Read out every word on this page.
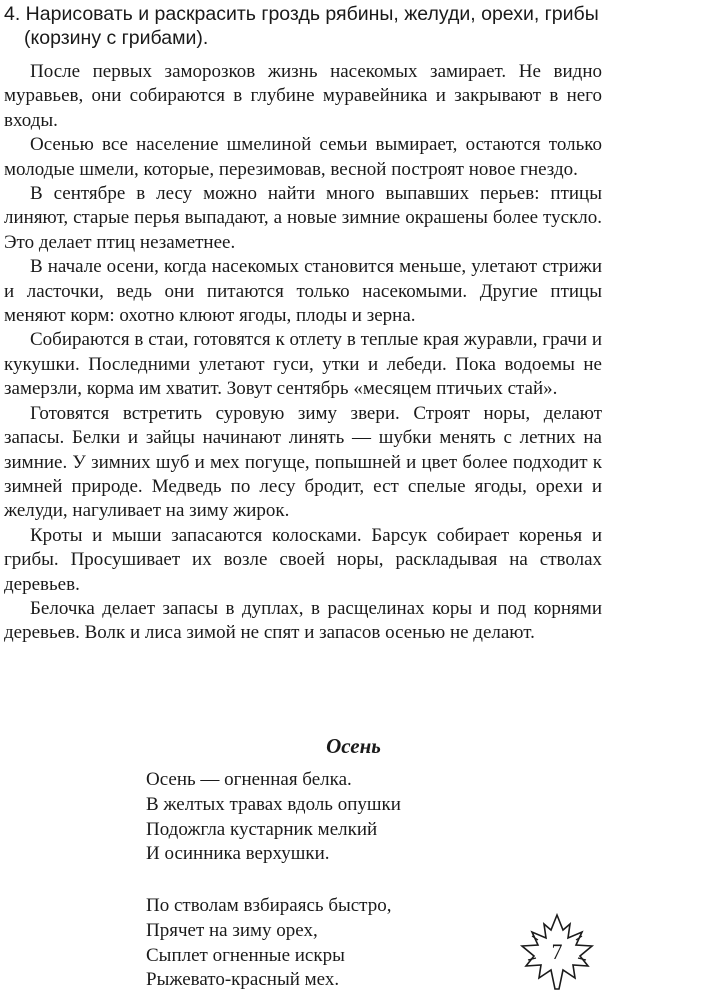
4. Нарисовать и раскрасить гроздь рябины, желуди, орехи, грибы
(корзину с грибами).

После первых заморозков жизнь насекомых замирает. Не видно муравьев, они собираются в глубине муравейника и закрывают в него входы.

Осенью все население шмелиной семьи вымирает, остаются только молодые шмели, которые, перезимовав, весной построят новое гнездо.

В сентябре в лесу можно найти много выпавших перьев: птицы линяют, старые перья выпадают, а новые зимние окрашены более тускло. Это делает птиц незаметнее.

В начале осени, когда насекомых становится меньше, улетают стрижи и ласточки, ведь они питаются только насекомыми. Другие птицы меняют корм: охотно клюют ягоды, плоды и зерна.

Собираются в стаи, готовятся к отлету в теплые края журавли, грачи и кукушки. Последними улетают гуси, утки и лебеди. Пока водоемы не замерзли, корма им хватит. Зовут сентябрь «месяцем птичьих стай».

Готовятся встретить суровую зиму звери. Строят норы, делают запасы. Белки и зайцы начинают линять — шубки менять с летних на зимние. У зимних шуб и мех погуще, попышней и цвет более подходит к зимней природе. Медведь по лесу бродит, ест спелые ягоды, орехи и желуди, нагуливает на зиму жирок.

Кроты и мыши запасаются колосками. Барсук собирает коренья и грибы. Просушивает их возле своей норы, раскладывая на стволах деревьев.

Белочка делает запасы в дуплах, в расщелинах коры и под корнями деревьев. Волк и лиса зимой не спят и запасов осенью не делают.

Осень
Осень — огненная белка.
В желтых травах вдоль опушки
Подожгла кустарник мелкий
И осинника верхушки.
По стволам взбираясь быстро,
Прячет на зиму орех,
Сыплет огненные искры
Рыжевато-красный мех.
7
